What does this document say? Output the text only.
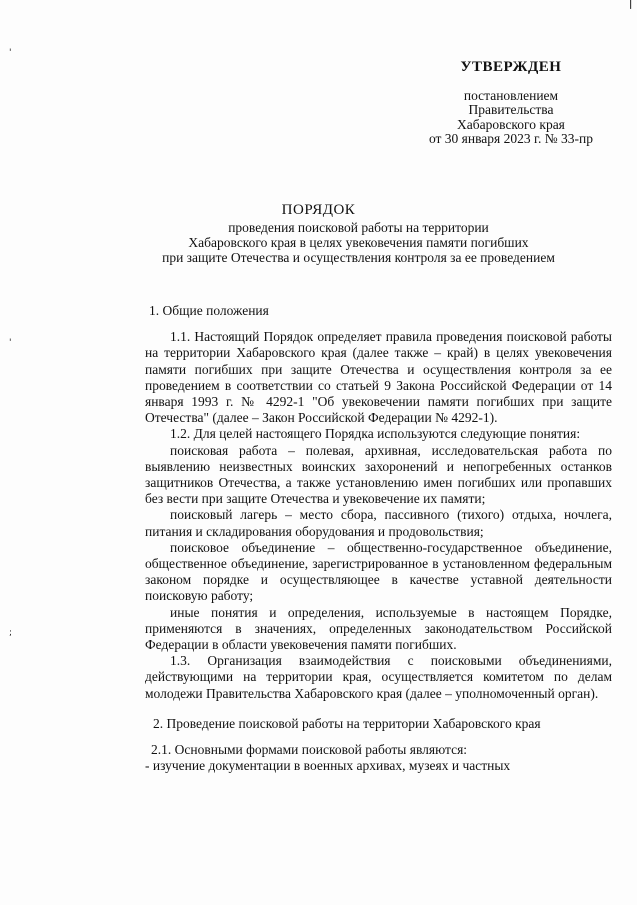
'
'
;
|
УТВЕРЖДЕН
постановлением
Правительства
Хабаровского края
от 30 января 2023 г. № 33-пр
ПОРЯДОК
проведения поисковой работы на территории
Хабаровского края в целях увековечения памяти погибших
при защите Отечества и осуществления контроля за ее проведением

1. Общие положения

1.1. Настоящий Порядок определяет правила проведения поисковой работы на территории Хабаровского края (далее также – край) в целях увековечения памяти погибших при защите Отечества и осуществления контроля за ее проведением в соответствии со статьей 9 Закона Российской Федерации от 14 января 1993 г. № 4292-1 "Об увековечении памяти погибших при защите Отечества" (далее – Закон Российской Федерации № 4292-1).

1.2. Для целей настоящего Порядка используются следующие понятия:

поисковая работа – полевая, архивная, исследовательская работа по выявлению неизвестных воинских захоронений и непогребенных останков защитников Отечества, а также установлению имен погибших или пропавших без вести при защите Отечества и увековечение их памяти;

поисковый лагерь – место сбора, пассивного (тихого) отдыха, ночлега, питания и складирования оборудования и продовольствия;

поисковое объединение – общественно-государственное объединение, общественное объединение, зарегистрированное в установленном федеральным законом порядке и осуществляющее в качестве уставной деятельности поисковую работу;

иные понятия и определения, используемые в настоящем Порядке, применяются в значениях, определенных законодательством Российской Федерации в области увековечения памяти погибших.

1.3. Организация взаимодействия с поисковыми объединениями, действующими на территории края, осуществляется комитетом по делам молодежи Правительства Хабаровского края (далее – уполномоченный орган).

2. Проведение поисковой работы на территории Хабаровского края

2.1. Основными формами поисковой работы являются:

- изучение документации в военных архивах, музеях и частных
